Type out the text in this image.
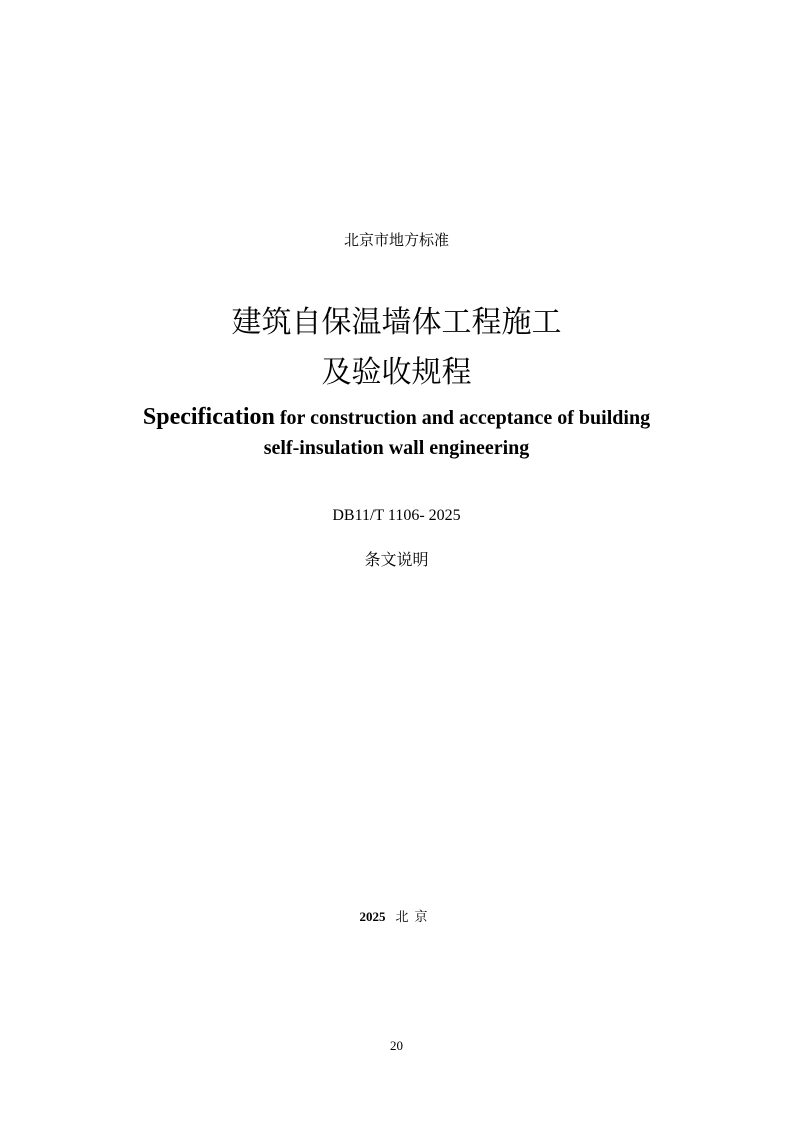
北京市地方标准
建筑自保温墙体工程施工
及验收规程
Specification for construction and acceptance of building
self-insulation wall engineering
DB11/T 1106- 2025
条文说明
2025 北京
20
